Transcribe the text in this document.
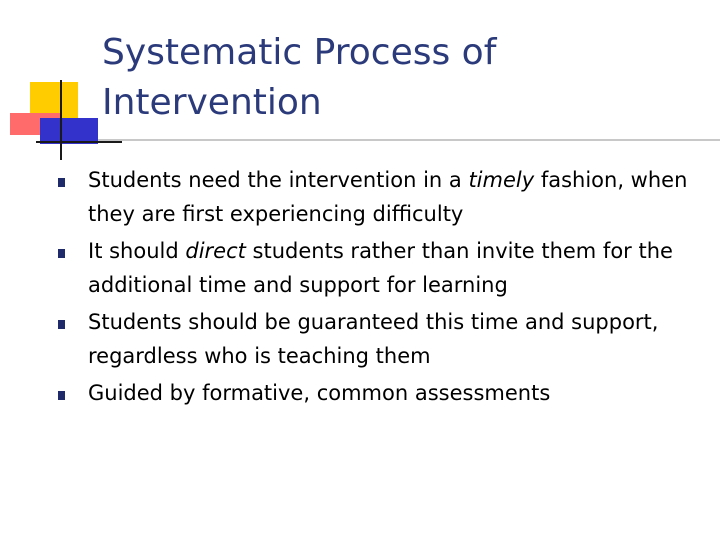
Systematic Process of Intervention
Students need the intervention in a timely fashion, when they are first experiencing difficulty
It should direct students rather than invite them for the additional time and support for learning
Students should be guaranteed this time and support, regardless who is teaching them
Guided by formative, common assessments
